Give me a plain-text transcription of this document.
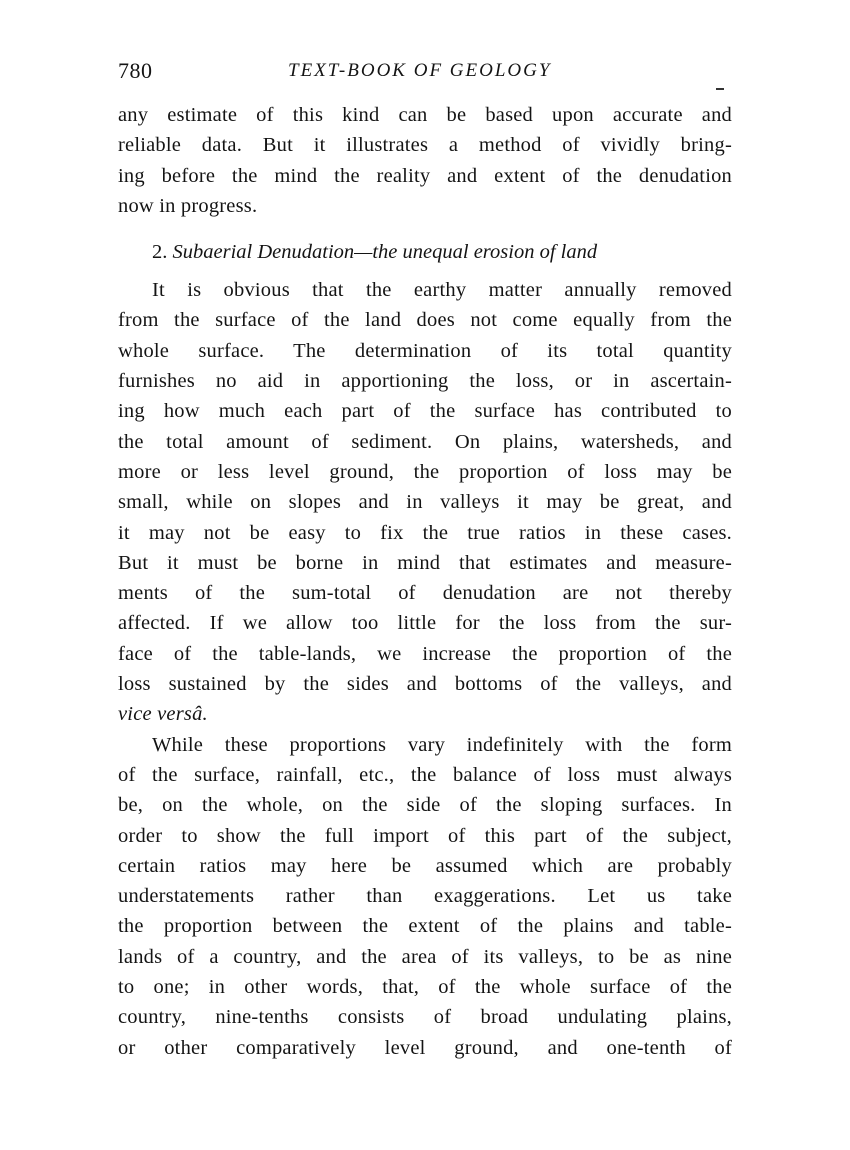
780	TEXT-BOOK OF GEOLOGY
any estimate of this kind can be based upon accurate and
reliable data. But it illustrates a method of vividly bring-
ing before the mind the reality and extent of the denudation
now in progress.
2. Subaerial Denudation—the unequal erosion of land
It is obvious that the earthy matter annually removed
from the surface of the land does not come equally from the
whole surface. The determination of its total quantity
furnishes no aid in apportioning the loss, or in ascertain-
ing how much each part of the surface has contributed to
the total amount of sediment. On plains, watersheds, and
more or less level ground, the proportion of loss may be
small, while on slopes and in valleys it may be great, and
it may not be easy to fix the true ratios in these cases.
But it must be borne in mind that estimates and measure-
ments of the sum-total of denudation are not thereby
affected. If we allow too little for the loss from the sur-
face of the table-lands, we increase the proportion of the
loss sustained by the sides and bottoms of the valleys, and
vice versâ.
While these proportions vary indefinitely with the form
of the surface, rainfall, etc., the balance of loss must always
be, on the whole, on the side of the sloping surfaces. In
order to show the full import of this part of the subject,
certain ratios may here be assumed which are probably
understatements rather than exaggerations. Let us take
the proportion between the extent of the plains and table-
lands of a country, and the area of its valleys, to be as nine
to one; in other words, that, of the whole surface of the
country, nine-tenths consists of broad undulating plains,
or other comparatively level ground, and one-tenth of
